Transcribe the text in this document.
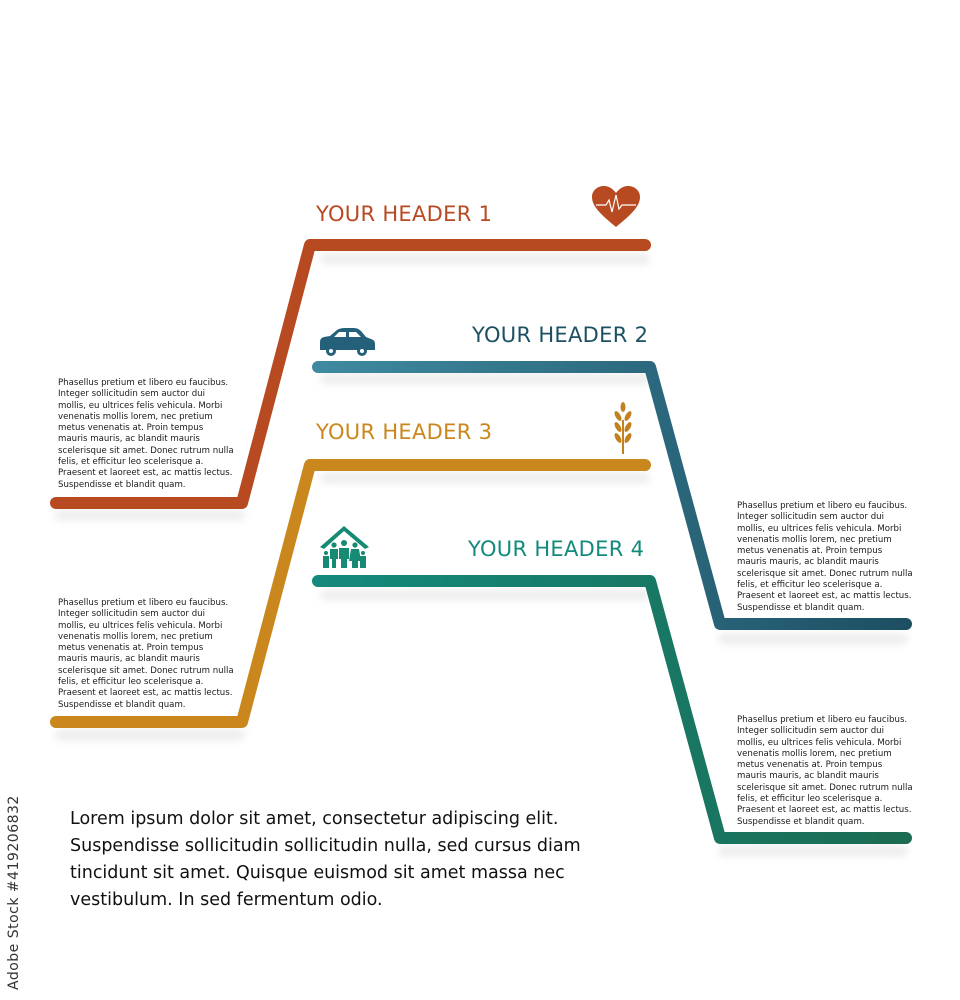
YOUR HEADER 1
YOUR HEADER 2
YOUR HEADER 3
YOUR HEADER 4

Phasellus pretium et libero eu faucibus. Integer sollicitudin sem auctor dui mollis, eu ultrices felis vehicula. Morbi venenatis mollis lorem, nec pretium metus venenatis at. Proin tempus mauris mauris, ac blandit mauris scelerisque sit amet. Donec rutrum nulla felis, et efficitur leo scelerisque a. Praesent et laoreet est, ac mattis lectus. Suspendisse et blandit quam.

Phasellus pretium et libero eu faucibus. Integer sollicitudin sem auctor dui mollis, eu ultrices felis vehicula. Morbi venenatis mollis lorem, nec pretium metus venenatis at. Proin tempus mauris mauris, ac blandit mauris scelerisque sit amet. Donec rutrum nulla felis, et efficitur leo scelerisque a. Praesent et laoreet est, ac mattis lectus. Suspendisse et blandit quam.

Phasellus pretium et libero eu faucibus. Integer sollicitudin sem auctor dui mollis, eu ultrices felis vehicula. Morbi venenatis mollis lorem, nec pretium metus venenatis at. Proin tempus mauris mauris, ac blandit mauris scelerisque sit amet. Donec rutrum nulla felis, et efficitur leo scelerisque a. Praesent et laoreet est, ac mattis lectus. Suspendisse et blandit quam.

Phasellus pretium et libero eu faucibus. Integer sollicitudin sem auctor dui mollis, eu ultrices felis vehicula. Morbi venenatis mollis lorem, nec pretium metus venenatis at. Proin tempus mauris mauris, ac blandit mauris scelerisque sit amet. Donec rutrum nulla felis, et efficitur leo scelerisque a. Praesent et laoreet est, ac mattis lectus. Suspendisse et blandit quam.

Lorem ipsum dolor sit amet, consectetur adipiscing elit. Suspendisse sollicitudin sollicitudin nulla, sed cursus diam tincidunt sit amet. Quisque euismod sit amet massa nec vestibulum. In sed fermentum odio.

Adobe Stock #419206832
